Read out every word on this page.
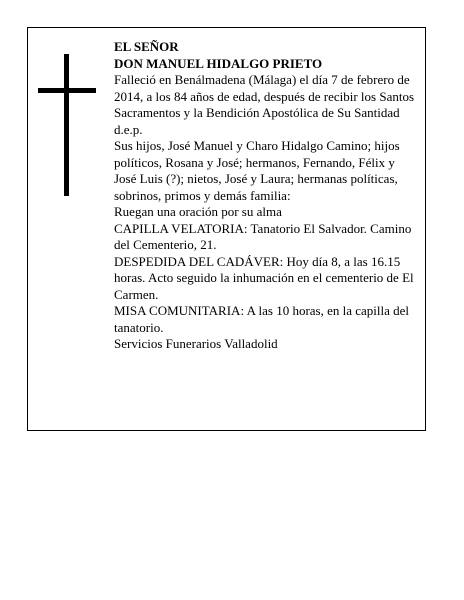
EL SEÑOR

DON MANUEL HIDALGO PRIETO

Falleció en Benálmadena (Málaga) el día 7 de febrero de 2014, a los 84 años de edad, después de recibir los Santos Sacramentos y la Bendición Apostólica de Su Santidad

d.e.p.

Sus hijos, José Manuel y Charo Hidalgo Camino; hijos políticos, Rosana y José; hermanos, Fernando, Félix y José Luis (?); nietos, José y Laura; hermanas políticas, sobrinos, primos y demás familia:

Ruegan una oración por su alma

CAPILLA VELATORIA: Tanatorio El Salvador. Camino del Cementerio, 21.

DESPEDIDA DEL CADÁVER: Hoy día 8, a las 16.15 horas. Acto seguido la inhumación en el cementerio de El Carmen.

MISA COMUNITARIA: A las 10 horas, en la capilla del tanatorio.

Servicios Funerarios Valladolid
